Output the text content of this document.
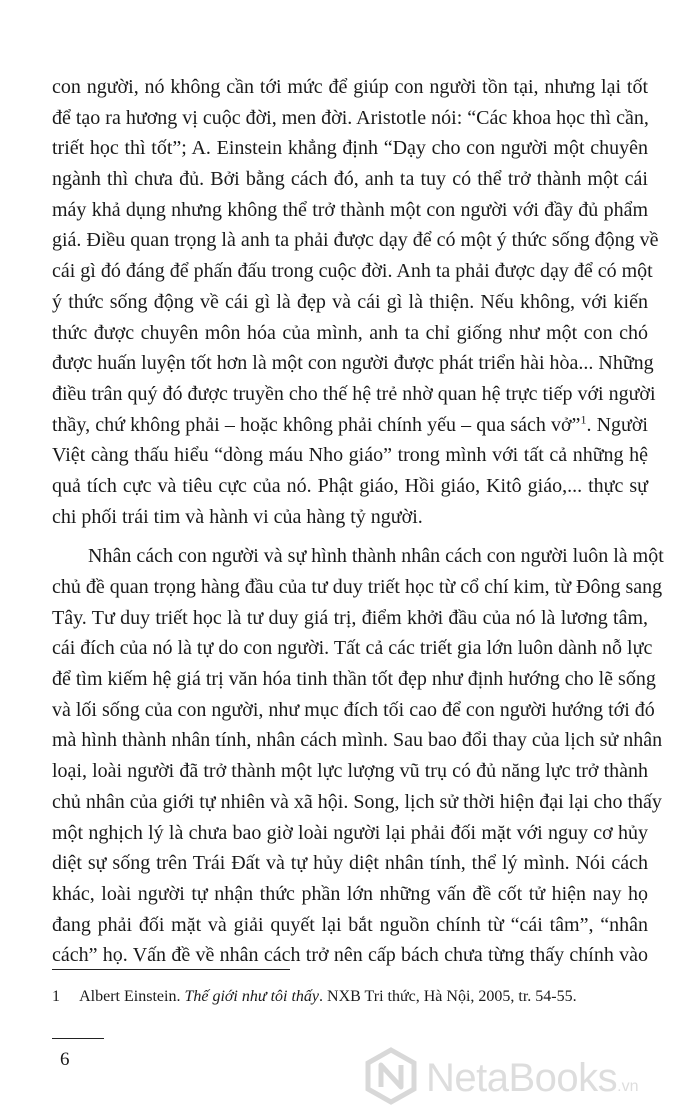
con người, nó không cần tới mức để giúp con người tồn tại, nhưng lại tốt
để tạo ra hương vị cuộc đời, men đời. Aristotle nói: “Các khoa học thì cần,
triết học thì tốt”; A. Einstein khẳng định “Dạy cho con người một chuyên
ngành thì chưa đủ. Bởi bằng cách đó, anh ta tuy có thể trở thành một cái
máy khả dụng nhưng không thể trở thành một con người với đầy đủ phẩm
giá. Điều quan trọng là anh ta phải được dạy để có một ý thức sống động về
cái gì đó đáng để phấn đấu trong cuộc đời. Anh ta phải được dạy để có một
ý thức sống động về cái gì là đẹp và cái gì là thiện. Nếu không, với kiến
thức được chuyên môn hóa của mình, anh ta chỉ giống như một con chó
được huấn luyện tốt hơn là một con người được phát triển hài hòa... Những
điều trân quý đó được truyền cho thế hệ trẻ nhờ quan hệ trực tiếp với người
thầy, chứ không phải – hoặc không phải chính yếu – qua sách vở”$^1$. Người
Việt càng thấu hiểu “dòng máu Nho giáo” trong mình với tất cả những hệ
quả tích cực và tiêu cực của nó. Phật giáo, Hồi giáo, Kitô giáo,... thực sự
chi phối trái tim và hành vi của hàng tỷ người.
Nhân cách con người và sự hình thành nhân cách con người luôn là một
chủ đề quan trọng hàng đầu của tư duy triết học từ cổ chí kim, từ Đông sang
Tây. Tư duy triết học là tư duy giá trị, điểm khởi đầu của nó là lương tâm,
cái đích của nó là tự do con người. Tất cả các triết gia lớn luôn dành nỗ lực
để tìm kiếm hệ giá trị văn hóa tinh thần tốt đẹp như định hướng cho lẽ sống
và lối sống của con người, như mục đích tối cao để con người hướng tới đó
mà hình thành nhân tính, nhân cách mình. Sau bao đổi thay của lịch sử nhân
loại, loài người đã trở thành một lực lượng vũ trụ có đủ năng lực trở thành
chủ nhân của giới tự nhiên và xã hội. Song, lịch sử thời hiện đại lại cho thấy
một nghịch lý là chưa bao giờ loài người lại phải đối mặt với nguy cơ hủy
diệt sự sống trên Trái Đất và tự hủy diệt nhân tính, thể lý mình. Nói cách
khác, loài người tự nhận thức phần lớn những vấn đề cốt tử hiện nay họ
đang phải đối mặt và giải quyết lại bắt nguồn chính từ “cái tâm”, “nhân
cách” họ. Vấn đề về nhân cách trở nên cấp bách chưa từng thấy chính vào
1 Albert Einstein. Thế giới như tôi thấy. NXB Tri thức, Hà Nội, 2005, tr. 54-55.
6	NetaBooks.vn
